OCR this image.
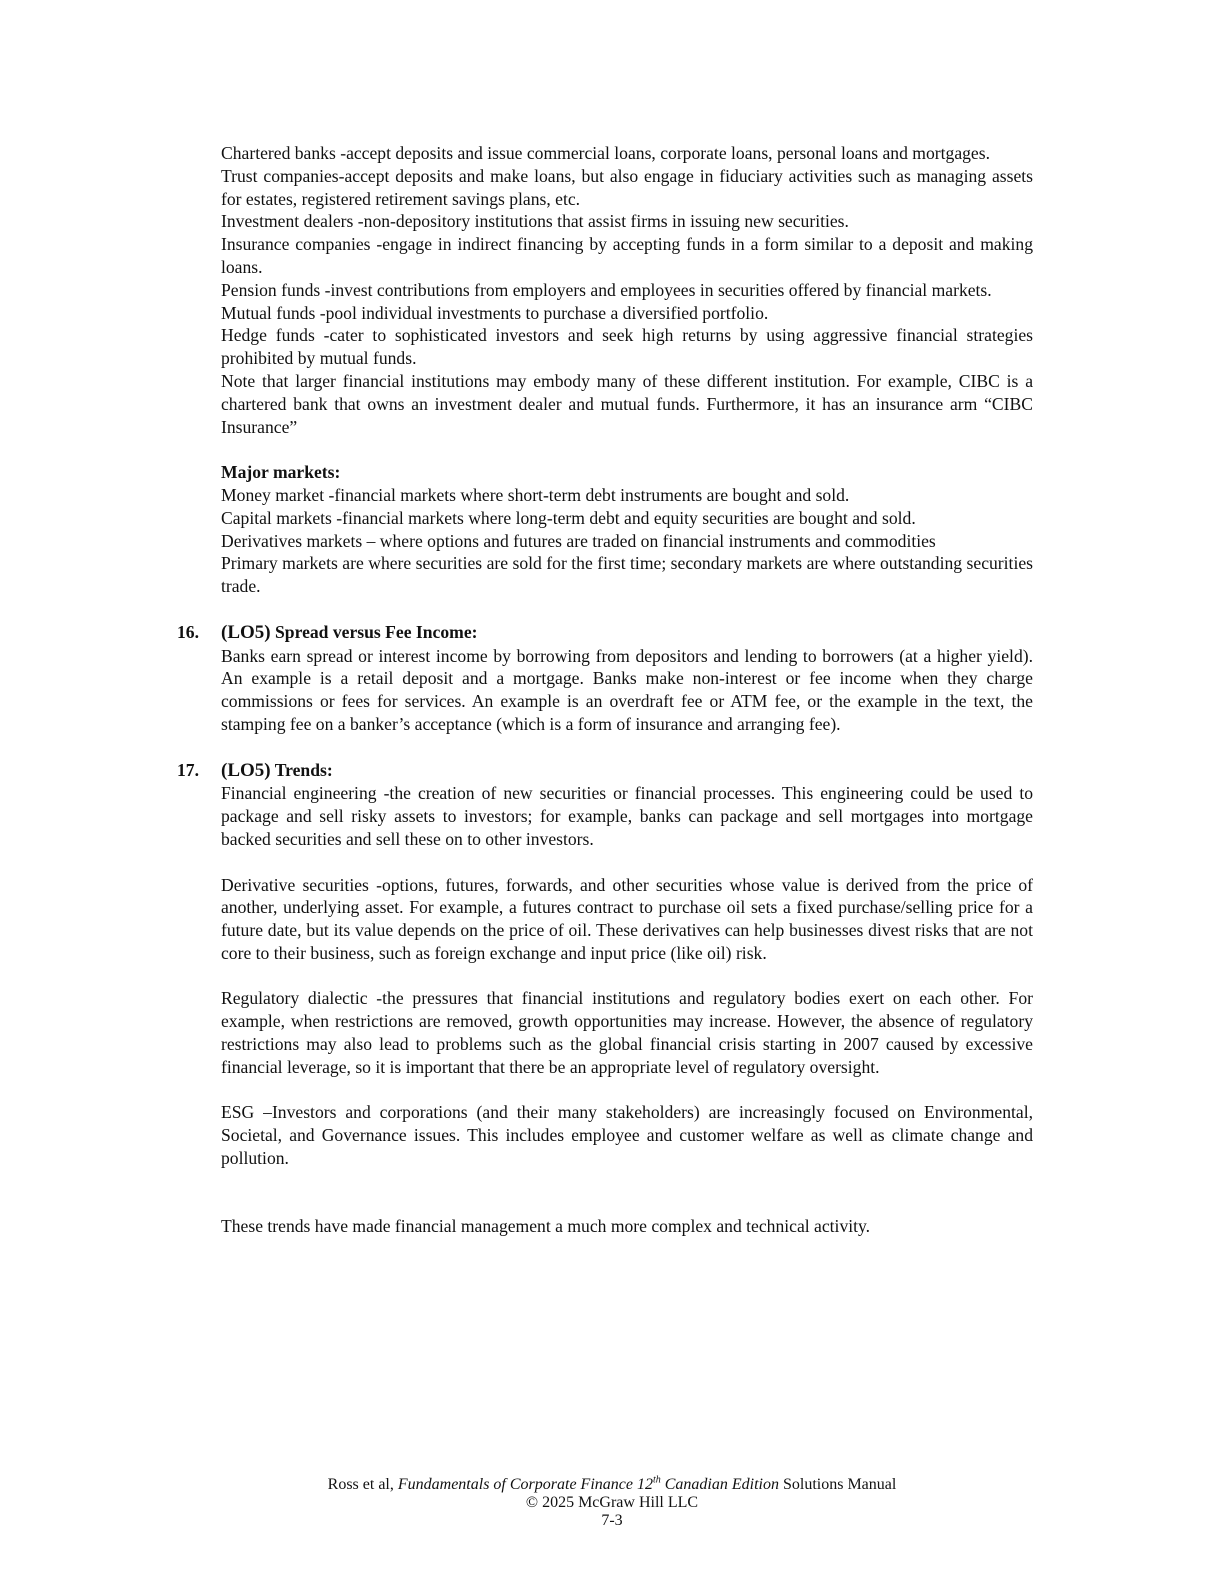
Chartered banks -accept deposits and issue commercial loans, corporate loans, personal loans and mortgages.

Trust companies-accept deposits and make loans, but also engage in fiduciary activities such as managing assets for estates, registered retirement savings plans, etc.

Investment dealers -non-depository institutions that assist firms in issuing new securities.

Insurance companies -engage in indirect financing by accepting funds in a form similar to a deposit and making loans.

Pension funds -invest contributions from employers and employees in securities offered by financial markets.

Mutual funds -pool individual investments to purchase a diversified portfolio.

Hedge funds -cater to sophisticated investors and seek high returns by using aggressive financial strategies prohibited by mutual funds.

Note that larger financial institutions may embody many of these different institution. For example, CIBC is a chartered bank that owns an investment dealer and mutual funds. Furthermore, it has an insurance arm “CIBC Insurance”

Major markets:

Money market -financial markets where short-term debt instruments are bought and sold.

Capital markets -financial markets where long-term debt and equity securities are bought and sold.

Derivatives markets – where options and futures are traded on financial instruments and commodities

Primary markets are where securities are sold for the first time; secondary markets are where outstanding securities trade.

16. (LO5) Spread versus Fee Income:

Banks earn spread or interest income by borrowing from depositors and lending to borrowers (at a higher yield). An example is a retail deposit and a mortgage. Banks make non-interest or fee income when they charge commissions or fees for services. An example is an overdraft fee or ATM fee, or the example in the text, the stamping fee on a banker’s acceptance (which is a form of insurance and arranging fee).

17. (LO5) Trends:

Financial engineering -the creation of new securities or financial processes. This engineering could be used to package and sell risky assets to investors; for example, banks can package and sell mortgages into mortgage backed securities and sell these on to other investors.

Derivative securities -options, futures, forwards, and other securities whose value is derived from the price of another, underlying asset. For example, a futures contract to purchase oil sets a fixed purchase/selling price for a future date, but its value depends on the price of oil. These derivatives can help businesses divest risks that are not core to their business, such as foreign exchange and input price (like oil) risk.

Regulatory dialectic -the pressures that financial institutions and regulatory bodies exert on each other. For example, when restrictions are removed, growth opportunities may increase. However, the absence of regulatory restrictions may also lead to problems such as the global financial crisis starting in 2007 caused by excessive financial leverage, so it is important that there be an appropriate level of regulatory oversight.

ESG –Investors and corporations (and their many stakeholders) are increasingly focused on Environmental, Societal, and Governance issues. This includes employee and customer welfare as well as climate change and pollution.

These trends have made financial management a much more complex and technical activity.

Ross et al, Fundamentals of Corporate Finance 12th Canadian Edition Solutions Manual
© 2025 McGraw Hill LLC
7-3
